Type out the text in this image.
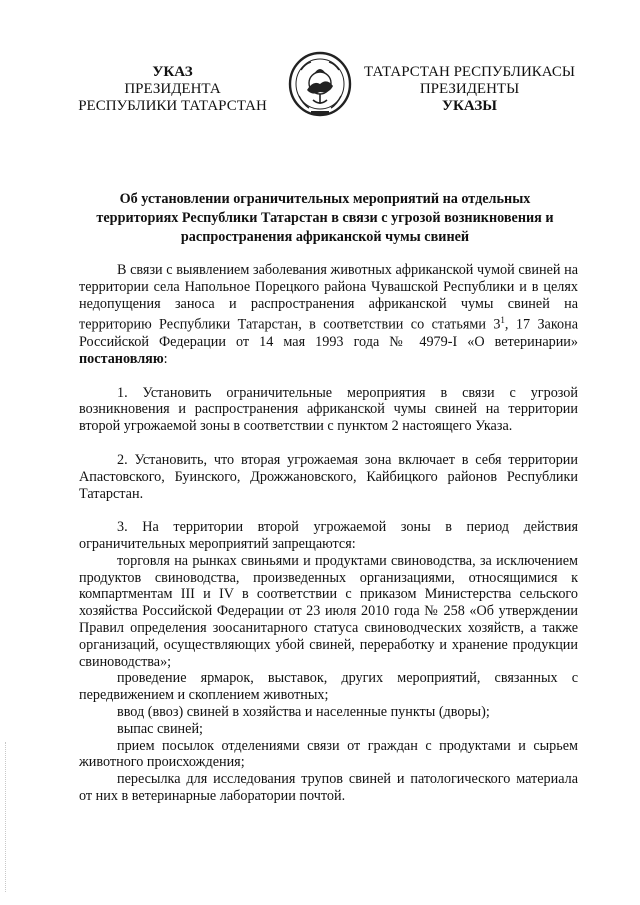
УКАЗ
ПРЕЗИДЕНТА
РЕСПУБЛИКИ ТАТАРСТАН
ТАТАРСТАН РЕСПУБЛИКАСЫ
ПРЕЗИДЕНТЫ
УКАЗЫ
Об установлении ограничительных мероприятий на отдельных
территориях Республики Татарстан в связи с угрозой возникновения и
распространения африканской чумы свиней

В связи с выявлением заболевания животных африканской чумой свиней на территории села Напольное Порецкого района Чувашской Республики и в целях недопущения заноса и распространения африканской чумы свиней на территорию Республики Татарстан, в соответствии со статьями $3^1$, 17 Закона Российской Федерации от 14 мая 1993 года № 4979-I «О ветеринарии» постановляю:

1. Установить ограничительные мероприятия в связи с угрозой возникновения и распространения африканской чумы свиней на территории второй угрожаемой зоны в соответствии с пунктом 2 настоящего Указа.

2. Установить, что вторая угрожаемая зона включает в себя территории Апастовского, Буинского, Дрожжановского, Кайбицкого районов Республики Татарстан.

3. На территории второй угрожаемой зоны в период действия ограничительных мероприятий запрещаются:

торговля на рынках свиньями и продуктами свиноводства, за исключением продуктов свиноводства, произведенных организациями, относящимися к компартментам III и IV в соответствии с приказом Министерства сельского хозяйства Российской Федерации от 23 июля 2010 года № 258 «Об утверждении Правил определения зоосанитарного статуса свиноводческих хозяйств, а также организаций, осуществляющих убой свиней, переработку и хранение продукции свиноводства»;

проведение ярмарок, выставок, других мероприятий, связанных с передвижением и скоплением животных;

ввод (ввоз) свиней в хозяйства и населенные пункты (дворы);

выпас свиней;

прием посылок отделениями связи от граждан с продуктами и сырьем животного происхождения;

пересылка для исследования трупов свиней и патологического материала от них в ветеринарные лаборатории почтой.
